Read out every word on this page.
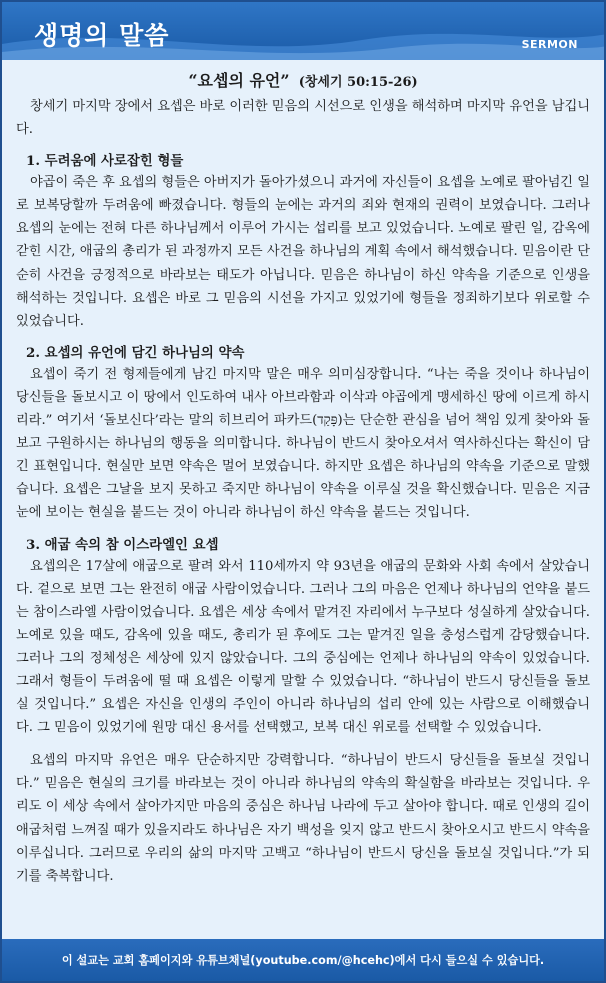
생명의 말씀	SERMON
“요셉의 유언” (창세기 50:15-26)

창세기 마지막 장에서 요셉은 바로 이러한 믿음의 시선으로 인생을 해석하며 마지막 유언을 남깁니다.

1. 두려움에 사로잡힌 형들

야곱이 죽은 후 요셉의 형들은 아버지가 돌아가셨으니 과거에 자신들이 요셉을 노예로 팔아넘긴 일로 보복당할까 두려움에 빠졌습니다. 형들의 눈에는 과거의 죄와 현재의 권력이 보였습니다. 그러나 요셉의 눈에는 전혀 다른 하나님께서 이루어 가시는 섭리를 보고 있었습니다. 노예로 팔린 일, 감옥에 갇힌 시간, 애굽의 총리가 된 과정까지 모든 사건을 하나님의 계획 속에서 해석했습니다. 믿음이란 단순히 사건을 긍정적으로 바라보는 태도가 아닙니다. 믿음은 하나님이 하신 약속을 기준으로 인생을 해석하는 것입니다. 요셉은 바로 그 믿음의 시선을 가지고 있었기에 형들을 정죄하기보다 위로할 수 있었습니다.

2. 요셉의 유언에 담긴 하나님의 약속

요셉이 죽기 전 형제들에게 남긴 마지막 말은 매우 의미심장합니다. “나는 죽을 것이나 하나님이 당신들을 돌보시고 이 땅에서 인도하여 내사 아브라함과 이삭과 야곱에게 맹세하신 땅에 이르게 하시리라.” 여기서 ‘돌보신다’라는 말의 히브리어 파카드(פָּקַד)는 단순한 관심을 넘어 책임 있게 찾아와 돌보고 구원하시는 하나님의 행동을 의미합니다. 하나님이 반드시 찾아오셔서 역사하신다는 확신이 담긴 표현입니다. 현실만 보면 약속은 멀어 보였습니다. 하지만 요셉은 하나님의 약속을 기준으로 말했습니다. 요셉은 그날을 보지 못하고 죽지만 하나님이 약속을 이루실 것을 확신했습니다. 믿음은 지금 눈에 보이는 현실을 붙드는 것이 아니라 하나님이 하신 약속을 붙드는 것입니다.

3. 애굽 속의 참 이스라엘인 요셉

요셉의은 17살에 애굽으로 팔려 와서 110세까지 약 93년을 애굽의 문화와 사회 속에서 살았습니다. 겉으로 보면 그는 완전히 애굽 사람이었습니다. 그러나 그의 마음은 언제나 하나님의 언약을 붙드는 참이스라엘 사람이었습니다. 요셉은 세상 속에서 맡겨진 자리에서 누구보다 성실하게 살았습니다. 노예로 있을 때도, 감옥에 있을 때도, 총리가 된 후에도 그는 맡겨진 일을 충성스럽게 감당했습니다. 그러나 그의 정체성은 세상에 있지 않았습니다. 그의 중심에는 언제나 하나님의 약속이 있었습니다. 그래서 형들이 두려움에 떨 때 요셉은 이렇게 말할 수 있었습니다. “하나님이 반드시 당신들을 돌보실 것입니다.” 요셉은 자신을 인생의 주인이 아니라 하나님의 섭리 안에 있는 사람으로 이해했습니다. 그 믿음이 있었기에 원망 대신 용서를 선택했고, 보복 대신 위로를 선택할 수 있었습니다.

요셉의 마지막 유언은 매우 단순하지만 강력합니다. “하나님이 반드시 당신들을 돌보실 것입니다.” 믿음은 현실의 크기를 바라보는 것이 아니라 하나님의 약속의 확실함을 바라보는 것입니다. 우리도 이 세상 속에서 살아가지만 마음의 중심은 하나님 나라에 두고 살아야 합니다. 때로 인생의 길이 애굽처럼 느껴질 때가 있을지라도 하나님은 자기 백성을 잊지 않고 반드시 찾아오시고 반드시 약속을 이루십니다. 그러므로 우리의 삶의 마지막 고백고 “하나님이 반드시 당신을 돌보실 것입니다.”가 되기를 축복합니다.

이 설교는 교회 홈페이지와 유튜브채널(youtube.com/@hcehc)에서 다시 들으실 수 있습니다.
